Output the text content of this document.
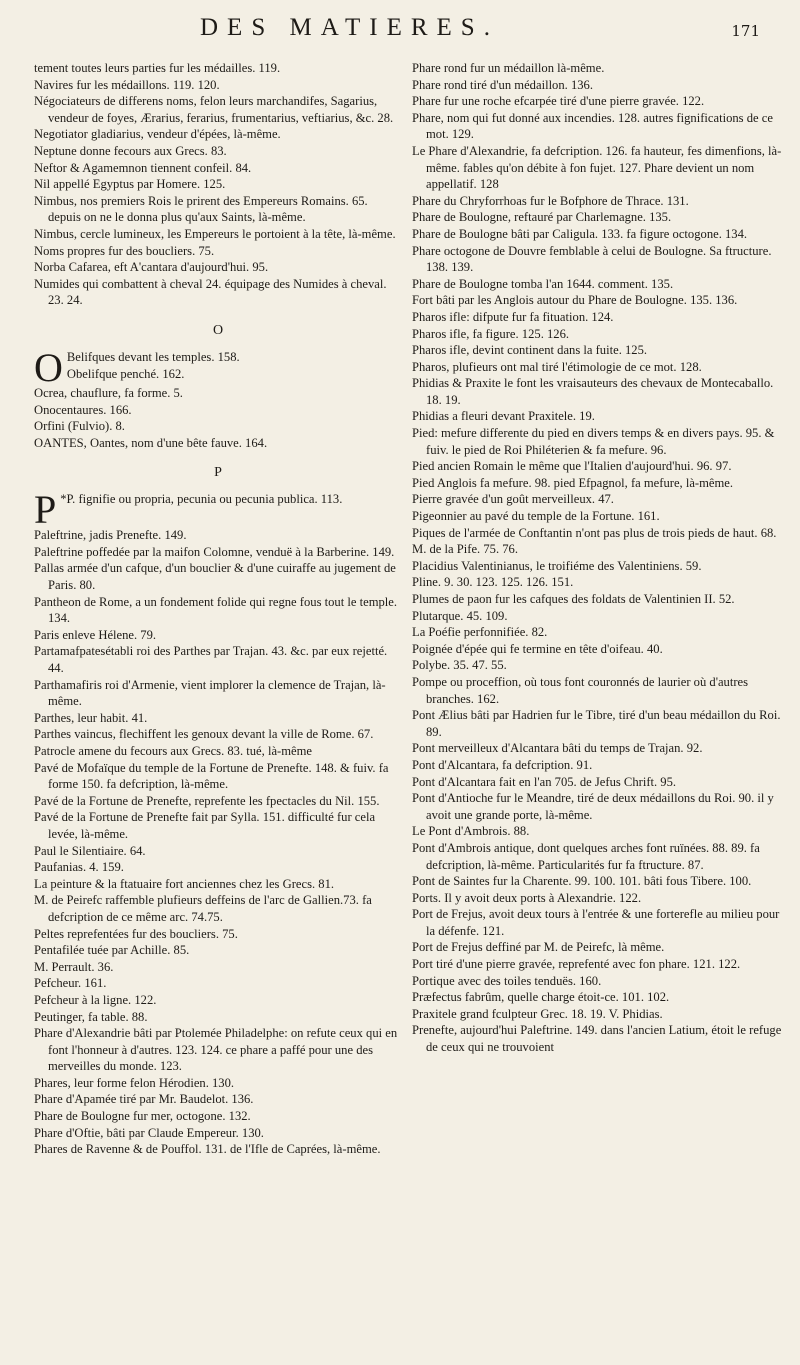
DES MATIERES.	171

tement toutes leurs parties fur les médailles. 119.

Navires fur les médaillons. 119. 120.

Négociateurs de differens noms, felon leurs marchandifes, Sagarius, vendeur de foyes, Ærarius, ferarius, frumentarius, veftiarius, &c. 28.

Negotiator gladiarius, vendeur d'épées, là-même.

Neptune donne fecours aux Grecs. 83.

Neftor & Agamemnon tiennent confeil. 84.

Nil appellé Egyptus par Homere. 125.

Nimbus, nos premiers Rois le prirent des Empereurs Romains. 65. depuis on ne le donna plus qu'aux Saints, là-même.

Nimbus, cercle lumineux, les Empereurs le portoient à la tête, là-même.

Noms propres fur des boucliers. 75.

Norba Cafarea, eft A'cantara d'aujourd'hui. 95.

Numides qui combattent à cheval 24. équipage des Numides à cheval. 23. 24.

O
O Belifques devant les temples. 158.
Obelifque penché. 162.

Ocrea, chauflure, fa forme. 5.

Onocentaures. 166.

Orfini (Fulvio). 8.

OANTES, Oantes, nom d'une bête fauve. 164.

P
P *P. fignifie ou propria, pecunia ou pecunia publica. 113.

Paleftrine, jadis Prenefte. 149.

Paleftrine poffedée par la maifon Colomne, venduë à la Barberine. 149.

Pallas armée d'un cafque, d'un bouclier & d'une cuiraffe au jugement de Paris. 80.

Pantheon de Rome, a un fondement folide qui regne fous tout le temple. 134.

Paris enleve Hélene. 79.

Partamafpatesétabli roi des Parthes par Trajan. 43. &c. par eux rejetté. 44.

Parthamafiris roi d'Armenie, vient implorer la clemence de Trajan, là-même.

Parthes, leur habit. 41.

Parthes vaincus, flechiffent les genoux devant la ville de Rome. 67.

Patrocle amene du fecours aux Grecs. 83. tué, là-même

Pavé de Mofaïque du temple de la Fortune de Prenefte. 148. & fuiv. fa forme 150. fa defcription, là-même.

Pavé de la Fortune de Prenefte, reprefente les fpectacles du Nil. 155.

Pavé de la Fortune de Prenefte fait par Sylla. 151. difficulté fur cela levée, là-même.

Paul le Silentiaire. 64.

Paufanias. 4. 159.

La peinture & la ftatuaire fort anciennes chez les Grecs. 81.

M. de Peirefc raffemble plufieurs deffeins de l'arc de Gallien.73. fa defcription de ce même arc. 74.75.

Peltes reprefentées fur des boucliers. 75.

Pentafilée tuée par Achille. 85.

M. Perrault. 36.

Pefcheur. 161.

Pefcheur à la ligne. 122.

Peutinger, fa table. 88.

Phare d'Alexandrie bâti par Ptolemée Philadelphe: on refute ceux qui en font l'honneur à d'autres. 123. 124. ce phare a paffé pour une des merveilles du monde. 123.

Phares, leur forme felon Hérodien. 130.

Phare d'Apamée tiré par Mr. Baudelot. 136.

Phare de Boulogne fur mer, octogone. 132.

Phare d'Oftie, bâti par Claude Empereur. 130.

Phares de Ravenne & de Pouffol. 131. de l'Ifle de Caprées, là-même.

Phare rond fur un médaillon là-même.

Phare rond tiré d'un médaillon. 136.

Phare fur une roche efcarpée tiré d'une pierre gravée. 122.

Phare, nom qui fut donné aux incendies. 128. autres fignifications de ce mot. 129.

Le Phare d'Alexandrie, fa defcription. 126. fa hauteur, fes dimenfions, là-même. fables qu'on débite à fon fujet. 127. Phare devient un nom appellatif. 128

Phare du Chryforrhoas fur le Bofphore de Thrace. 131.

Phare de Boulogne, reftauré par Charlemagne. 135.

Phare de Boulogne bâti par Caligula. 133. fa figure octogone. 134.

Phare octogone de Douvre femblable à celui de Boulogne. Sa ftructure. 138. 139.

Phare de Boulogne tomba l'an 1644. comment. 135.

Fort bâti par les Anglois autour du Phare de Boulogne. 135. 136.

Pharos ifle: difpute fur fa fituation. 124.

Pharos ifle, fa figure. 125. 126.

Pharos ifle, devint continent dans la fuite. 125.

Pharos, plufieurs ont mal tiré l'étimologie de ce mot. 128.

Phidias & Praxite le font les vraisauteurs des chevaux de Montecaballo. 18. 19.

Phidias a fleuri devant Praxitele. 19.

Pied: mefure differente du pied en divers temps & en divers pays. 95. & fuiv. le pied de Roi Philéterien & fa mefure. 96.

Pied ancien Romain le même que l'Italien d'aujourd'hui. 96. 97.

Pied Anglois fa mefure. 98. pied Efpagnol, fa mefure, là-même.

Pierre gravée d'un goût merveilleux. 47.

Pigeonnier au pavé du temple de la Fortune. 161.

Piques de l'armée de Conftantin n'ont pas plus de trois pieds de haut. 68.

M. de la Pife. 75. 76.

Placidius Valentinianus, le troifiéme des Valentiniens. 59.

Pline. 9. 30. 123. 125. 126. 151.

Plumes de paon fur les cafques des foldats de Valentinien II. 52.

Plutarque. 45. 109.

La Poéfie perfonnifiée. 82.

Poignée d'épée qui fe termine en tête d'oifeau. 40.

Polybe. 35. 47. 55.

Pompe ou proceffion, où tous font couronnés de laurier où d'autres branches. 162.

Pont Ælius bâti par Hadrien fur le Tibre, tiré d'un beau médaillon du Roi. 89.

Pont merveilleux d'Alcantara bâti du temps de Trajan. 92.

Pont d'Alcantara, fa defcription. 91.

Pont d'Alcantara fait en l'an 705. de Jefus Chrift. 95.

Pont d'Antioche fur le Meandre, tiré de deux médaillons du Roi. 90. il y avoit une grande porte, là-même.

Le Pont d'Ambrois. 88.

Pont d'Ambrois antique, dont quelques arches font ruïnées. 88. 89. fa defcription, là-même. Particularités fur fa ftructure. 87.

Pont de Saintes fur la Charente. 99. 100. 101. bâti fous Tibere. 100.

Ports. Il y avoit deux ports à Alexandrie. 122.

Port de Frejus, avoit deux tours à l'entrée & une forterefle au milieu pour la défenfe. 121.

Port de Frejus deffiné par M. de Peirefc, là même.

Port tiré d'une pierre gravée, reprefenté avec fon phare. 121. 122.

Portique avec des toiles tenduës. 160.

Præfectus fabrûm, quelle charge étoit-ce. 101. 102.

Praxitele grand fculpteur Grec. 18. 19. V. Phidias.

Prenefte, aujourd'hui Paleftrine. 149. dans l'ancien Latium, étoit le refuge de ceux qui ne trouvoient
